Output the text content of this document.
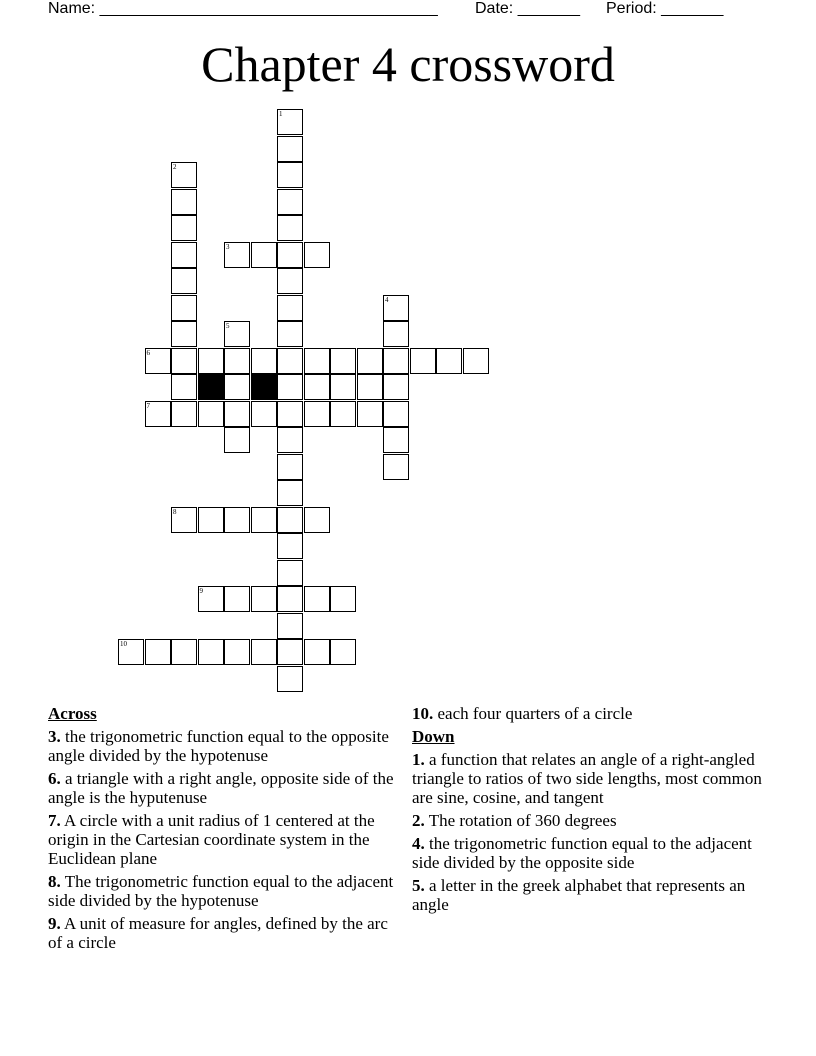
Name: ______________________________________ Date: _______ Period: _______
Chapter 4 crossword
1
2
3
4
5
6
7
8
9
10
Across
3. the trigonometric function equal to the opposite angle divided by the hypotenuse
6. a triangle with a right angle, opposite side of the angle is the hyputenuse
7. A circle with a unit radius of 1 centered at the origin in the Cartesian coordinate system in the Euclidean plane
8. The trigonometric function equal to the adjacent side divided by the hypotenuse
9. A unit of measure for angles, defined by the arc of a circle
10. each four quarters of a circle
Down
1. a function that relates an angle of a right-angled triangle to ratios of two side lengths, most common are sine, cosine, and tangent
2. The rotation of 360 degrees
4. the trigonometric function equal to the adjacent side divided by the opposite side
5. a letter in the greek alphabet that represents an angle
